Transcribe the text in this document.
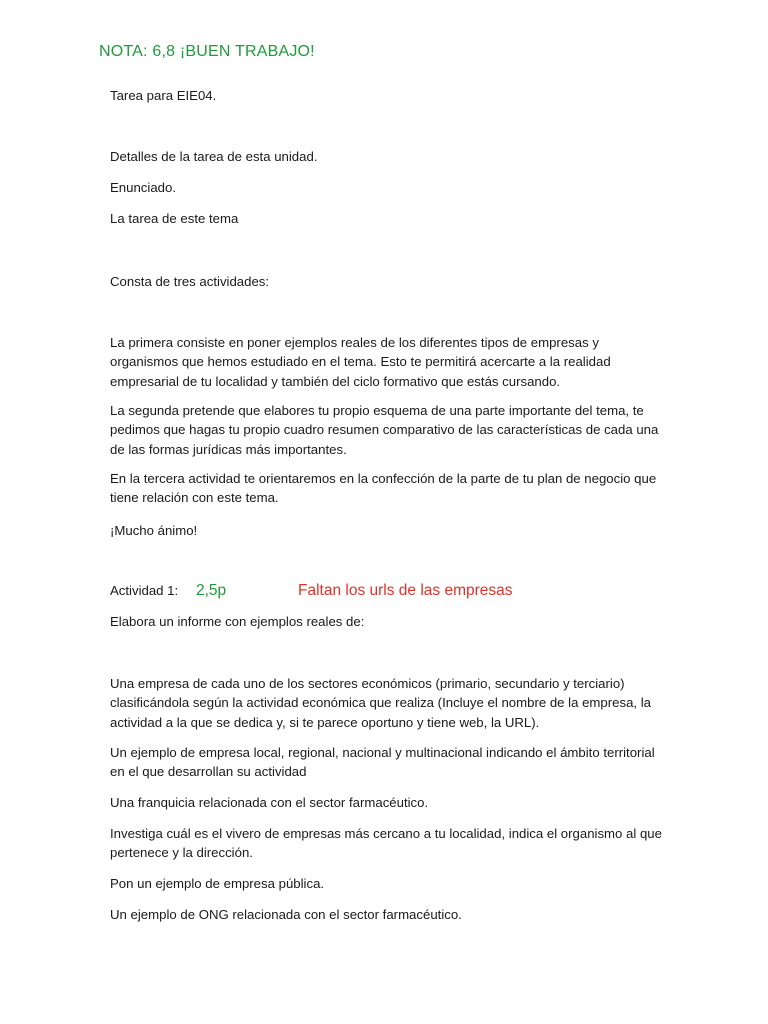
NOTA: 6,8 ¡BUEN TRABAJO!
Tarea para EIE04.
Detalles de la tarea de esta unidad.
Enunciado.
La tarea de este tema
Consta de tres actividades:
La primera consiste en poner ejemplos reales de los diferentes tipos de empresas y organismos que hemos estudiado en el tema. Esto te permitirá acercarte a la realidad empresarial de tu localidad y también del ciclo formativo que estás cursando.
La segunda pretende que elabores tu propio esquema de una parte importante del tema, te pedimos que hagas tu propio cuadro resumen comparativo de las características de cada una de las formas jurídicas más importantes.
En la tercera actividad te orientaremos en la confección de la parte de tu plan de negocio que tiene relación con este tema.
¡Mucho ánimo!
Actividad 1: 2,5p	Faltan los urls de las empresas
Elabora un informe con ejemplos reales de:
Una empresa de cada uno de los sectores económicos (primario, secundario y terciario) clasificándola según la actividad económica que realiza (Incluye el nombre de la empresa, la actividad a la que se dedica y, si te parece oportuno y tiene web, la URL).
Un ejemplo de empresa local, regional, nacional y multinacional indicando el ámbito territorial en el que desarrollan su actividad
Una franquicia relacionada con el sector farmacéutico.
Investiga cuál es el vivero de empresas más cercano a tu localidad, indica el organismo al que pertenece y la dirección.
Pon un ejemplo de empresa pública.
Un ejemplo de ONG relacionada con el sector farmacéutico.
